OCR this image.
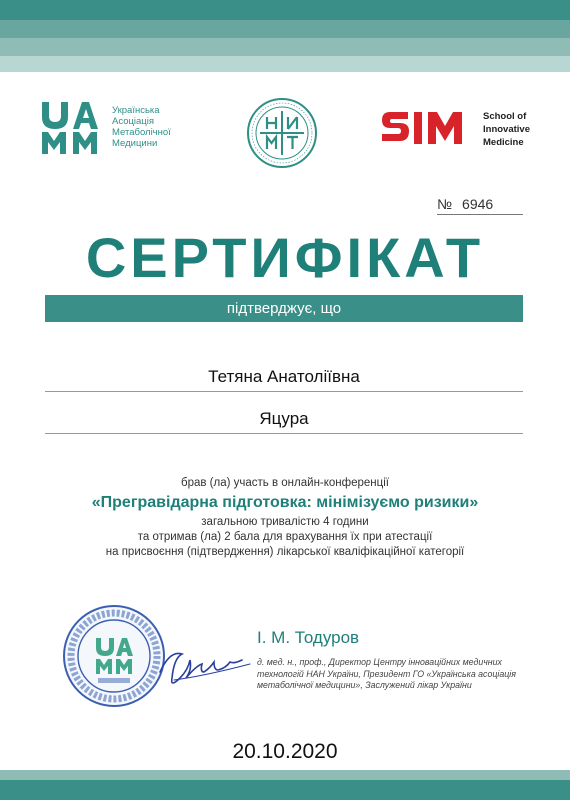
Українська
Асоціація
Метаболічної
Медицини
School of
Innovative
Medicine
№ 6946
СЕРТИФІКАТ
підтверджує, що
Тетяна Анатоліївна
Яцура
брав (ла) участь в онлайн-конференції
«Прегравідарна підготовка: мінімізуємо ризики»
загальною тривалістю 4 години
та отримав (ла) 2 бала для врахування їх при атестації
на присвоєння (підтвердження) лікарської кваліфікаційної категорії
І. М. Тодуров
д. мед. н., проф., Директор Центру інноваційних медичних
технологій НАН України, Президент ГО «Українська асоціація
метаболічної медицини», Заслужений лікар України
20.10.2020
